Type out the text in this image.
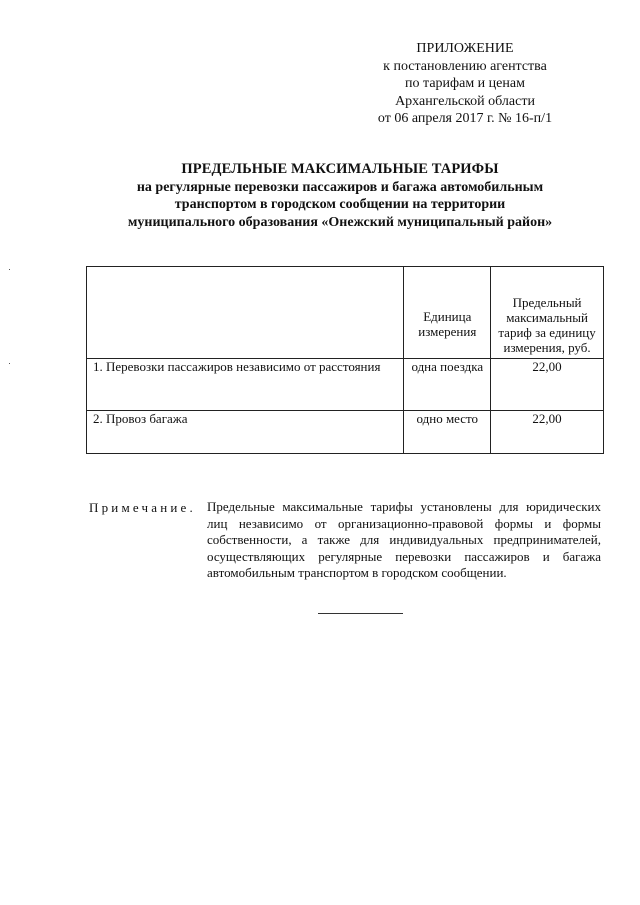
ПРИЛОЖЕНИЕ
к постановлению агентства
по тарифам и ценам
Архангельской области
от 06 апреля 2017 г. № 16-п/1
ПРЕДЕЛЬНЫЕ МАКСИМАЛЬНЫЕ ТАРИФЫ
на регулярные перевозки пассажиров и багажа автомобильным
транспортом в городском сообщении на территории
муниципального образования «Онежский муниципальный район»

	Единица измерения	Предельный максимальный тариф за единицу измерения, руб.
1. Перевозки пассажиров независимо от расстояния	одна поездка	22,00
2. Провоз багажа	одно место	22,00
Примечание. Предельные максимальные тарифы установлены для юридических лиц независимо от организационно-правовой формы и формы собственности, а также для индивидуальных предпринимателей, осуществляющих регулярные перевозки пассажиров и багажа автомобильным транспортом в городском сообщении.
